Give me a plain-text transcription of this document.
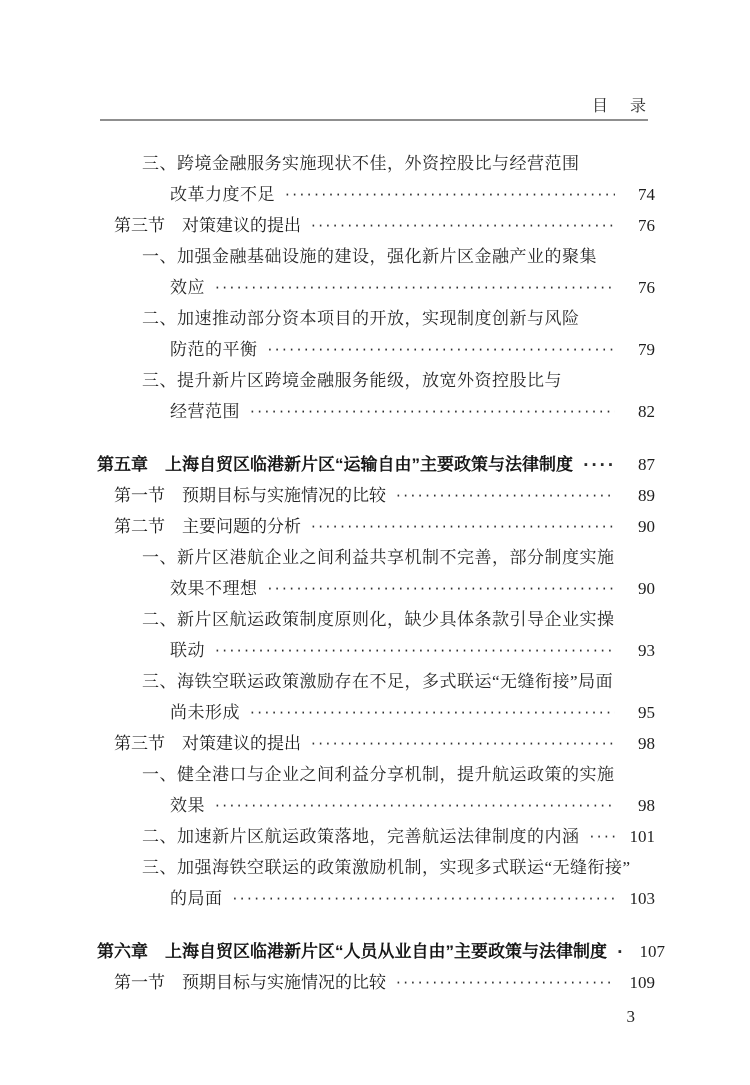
目　录
三、跨境金融服务实施现状不佳，外资控股比与经营范围
改革力度不足 ·····	74
第三节　对策建议的提出 ·····	76
一、加强金融基础设施的建设，强化新片区金融产业的聚集
效应 ·····	76
二、加速推动部分资本项目的开放，实现制度创新与风险
防范的平衡 ·····	79
三、提升新片区跨境金融服务能级，放宽外资控股比与
经营范围 ·····	82
第五章　上海自贸区临港新片区“运输自由”主要政策与法律制度 ·····	87
第一节　预期目标与实施情况的比较 ·····	89
第二节　主要问题的分析 ·····	90
一、新片区港航企业之间利益共享机制不完善，部分制度实施
效果不理想 ·····	90
二、新片区航运政策制度原则化，缺少具体条款引导企业实操
联动 ·····	93
三、海铁空联运政策激励存在不足，多式联运“无缝衔接”局面
尚未形成 ·····	95
第三节　对策建议的提出 ·····	98
一、健全港口与企业之间利益分享机制，提升航运政策的实施
效果 ·····	98
二、加速新片区航运政策落地，完善航运法律制度的内涵 ·····	101
三、加强海铁空联运的政策激励机制，实现多式联运“无缝衔接”
的局面 ·····	103
第六章　上海自贸区临港新片区“人员从业自由”主要政策与法律制度 ·····	107
第一节　预期目标与实施情况的比较 ·····	109
3
